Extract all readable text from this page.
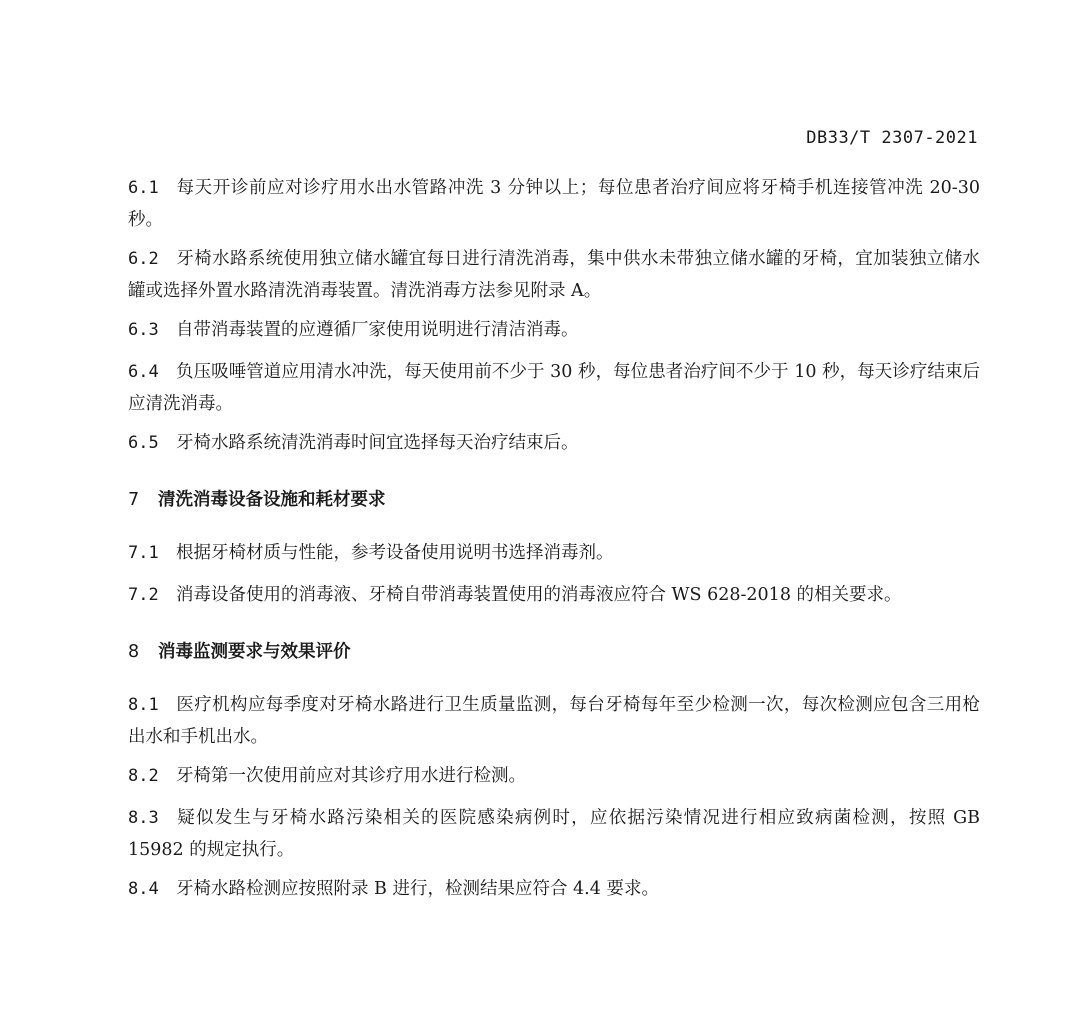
DB33/T 2307-2021
6.1 每天开诊前应对诊疗用水出水管路冲洗 3 分钟以上；每位患者治疗间应将牙椅手机连接管冲洗 20-30 秒。
6.2 牙椅水路系统使用独立储水罐宜每日进行清洗消毒，集中供水未带独立储水罐的牙椅，宜加装独立储水罐或选择外置水路清洗消毒装置。清洗消毒方法参见附录 A。
6.3 自带消毒装置的应遵循厂家使用说明进行清洁消毒。
6.4 负压吸唾管道应用清水冲洗，每天使用前不少于 30 秒，每位患者治疗间不少于 10 秒，每天诊疗结束后应清洗消毒。
6.5 牙椅水路系统清洗消毒时间宜选择每天治疗结束后。
7 清洗消毒设备设施和耗材要求
7.1 根据牙椅材质与性能，参考设备使用说明书选择消毒剂。
7.2 消毒设备使用的消毒液、牙椅自带消毒装置使用的消毒液应符合 WS 628-2018 的相关要求。
8 消毒监测要求与效果评价
8.1 医疗机构应每季度对牙椅水路进行卫生质量监测，每台牙椅每年至少检测一次，每次检测应包含三用枪出水和手机出水。
8.2 牙椅第一次使用前应对其诊疗用水进行检测。
8.3 疑似发生与牙椅水路污染相关的医院感染病例时，应依据污染情况进行相应致病菌检测，按照 GB 15982 的规定执行。
8.4 牙椅水路检测应按照附录 B 进行，检测结果应符合 4.4 要求。
